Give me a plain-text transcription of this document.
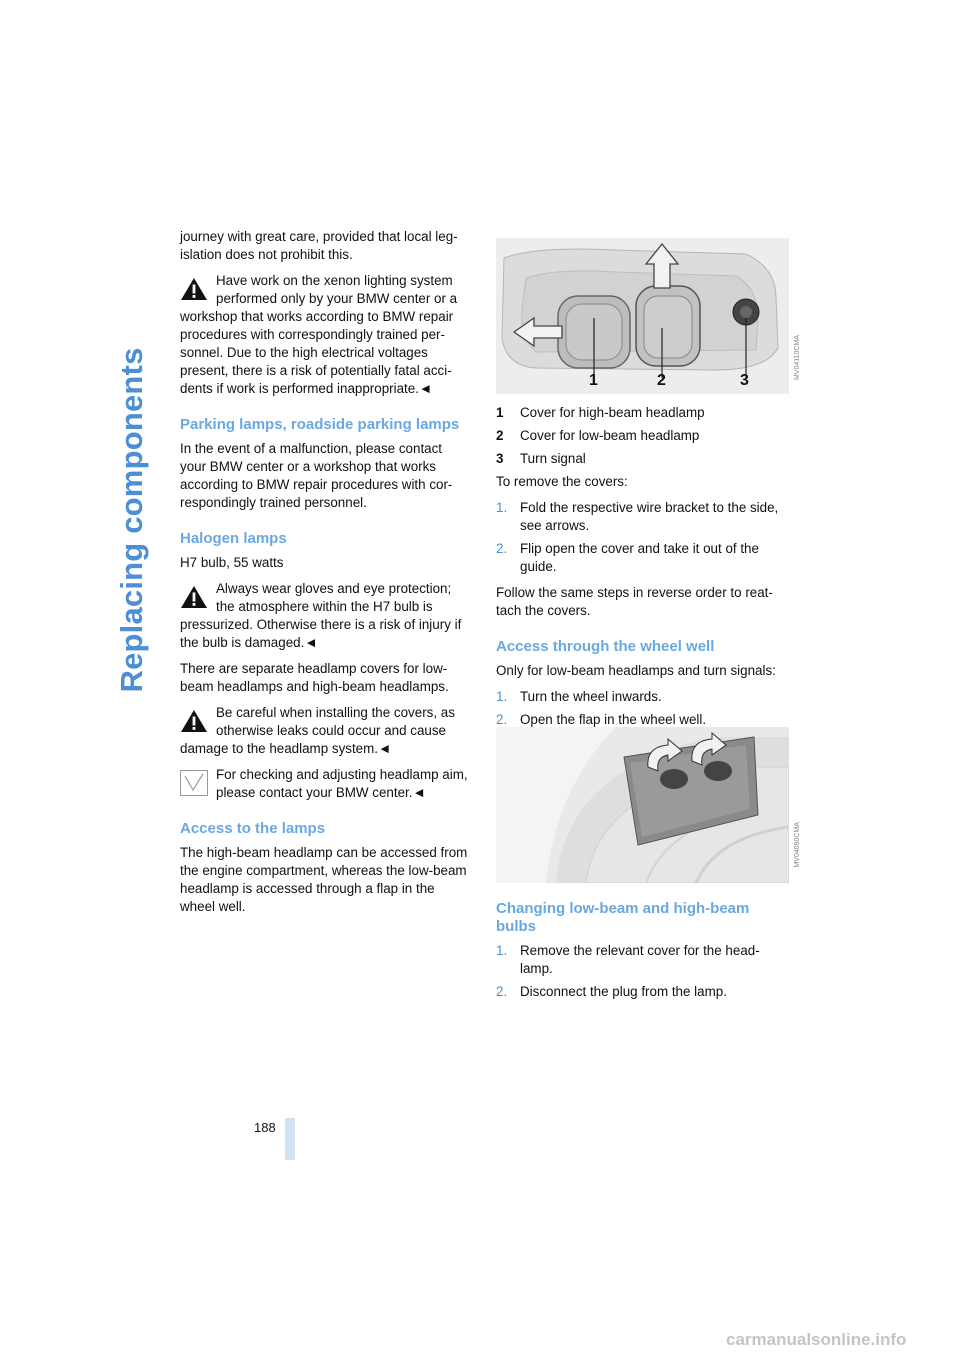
Replacing components

journey with great care, provided that local leg-
islation does not prohibit this.

Have work on the xenon lighting system performed only by your BMW center or a
workshop that works according to BMW repair procedures with correspondingly trained per-sonnel. Due to the high electrical voltages present, there is a risk of potentially fatal acci-dents if work is performed inappropriate.◄
Parking lamps, roadside parking lamps

In the event of a malfunction, please contact your BMW center or a workshop that works according to BMW repair procedures with cor-respondingly trained personnel.

Halogen lamps

H7 bulb, 55 watts

Always wear gloves and eye protection; the atmosphere within the H7 bulb is
pressurized. Otherwise there is a risk of injury if the bulb is damaged.◄

There are separate headlamp covers for low-beam headlamps and high-beam headlamps.

Be careful when installing the covers, as otherwise leaks could occur and cause
damage to the headlamp system.◄
For checking and adjusting headlamp aim, please contact your BMW center.◄
Access to the lamps

The high-beam headlamp can be accessed from the engine compartment, whereas the low-beam headlamp is accessed through a flap in the wheel well.

1	2	3
MV04110CMA
1 Cover for high-beam headlamp
2 Cover for low-beam headlamp
3 Turn signal

To remove the covers:

1. Fold the respective wire bracket to the side, see arrows.
2. Flip open the cover and take it out of the guide.

Follow the same steps in reverse order to reat-tach the covers.

Access through the wheel well

Only for low-beam headlamps and turn signals:

1. Turn the wheel inwards.
2. Open the flap in the wheel well.
MV04090CMA
Changing low-beam and high-beam bulbs
1. Remove the relevant cover for the head-lamp.
2. Disconnect the plug from the lamp.
188
carmanualsonline.info
